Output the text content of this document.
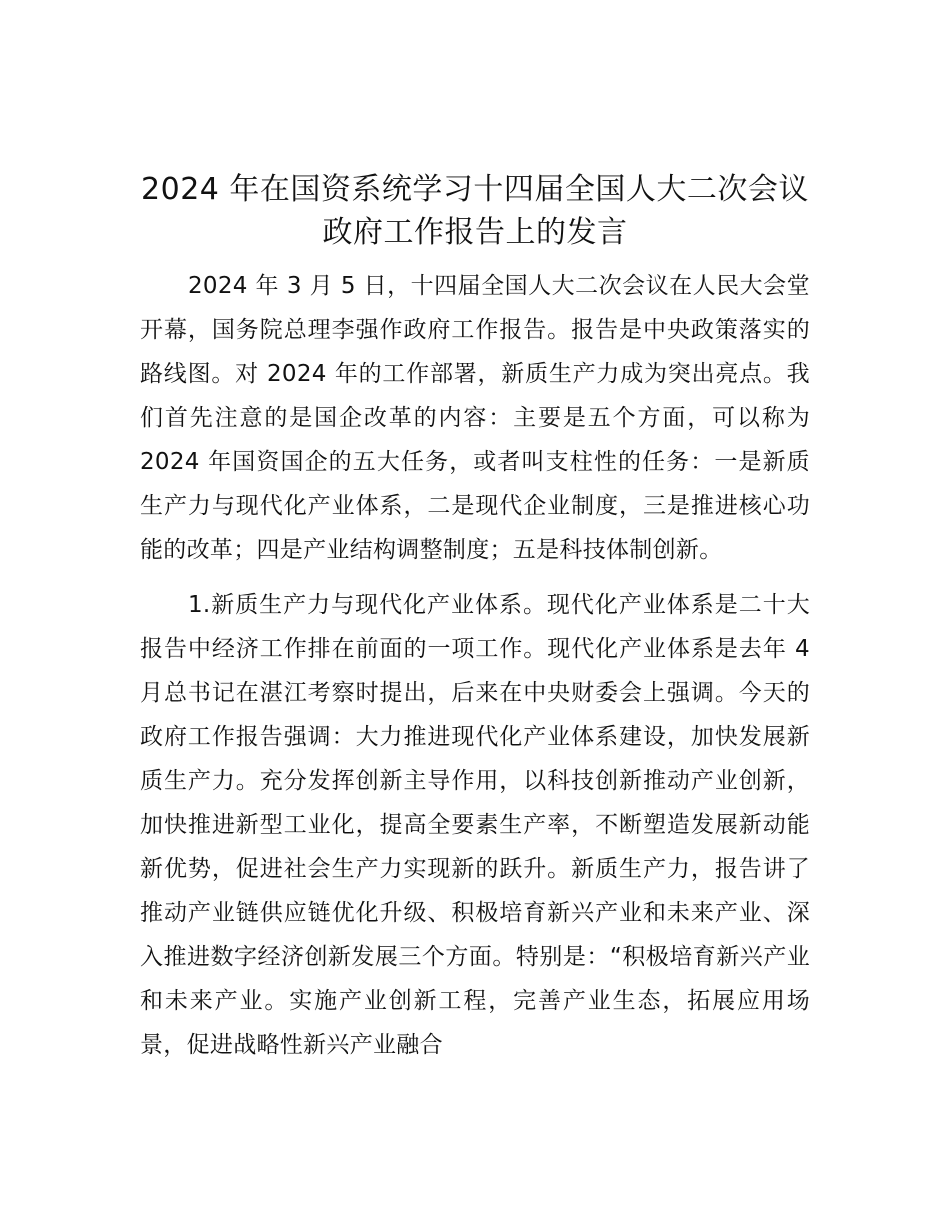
2024 年在国资系统学习十四届全国人大二次会议政府工作报告上的发言

2024 年 3 月 5 日，十四届全国人大二次会议在人民大会堂开幕，国务院总理李强作政府工作报告。报告是中央政策落实的路线图。对 2024 年的工作部署，新质生产力成为突出亮点。我们首先注意的是国企改革的内容：主要是五个方面，可以称为 2024 年国资国企的五大任务，或者叫支柱性的任务：一是新质生产力与现代化产业体系，二是现代企业制度，三是推进核心功能的改革；四是产业结构调整制度；五是科技体制创新。

1.新质生产力与现代化产业体系。现代化产业体系是二十大报告中经济工作排在前面的一项工作。现代化产业体系是去年 4 月总书记在湛江考察时提出，后来在中央财委会上强调。今天的政府工作报告强调：大力推进现代化产业体系建设，加快发展新质生产力。充分发挥创新主导作用，以科技创新推动产业创新，加快推进新型工业化，提高全要素生产率，不断塑造发展新动能新优势，促进社会生产力实现新的跃升。新质生产力，报告讲了推动产业链供应链优化升级、积极培育新兴产业和未来产业、深入推进数字经济创新发展三个方面。特别是：“积极培育新兴产业和未来产业。实施产业创新工程，完善产业生态，拓展应用场景，促进战略性新兴产业融合
